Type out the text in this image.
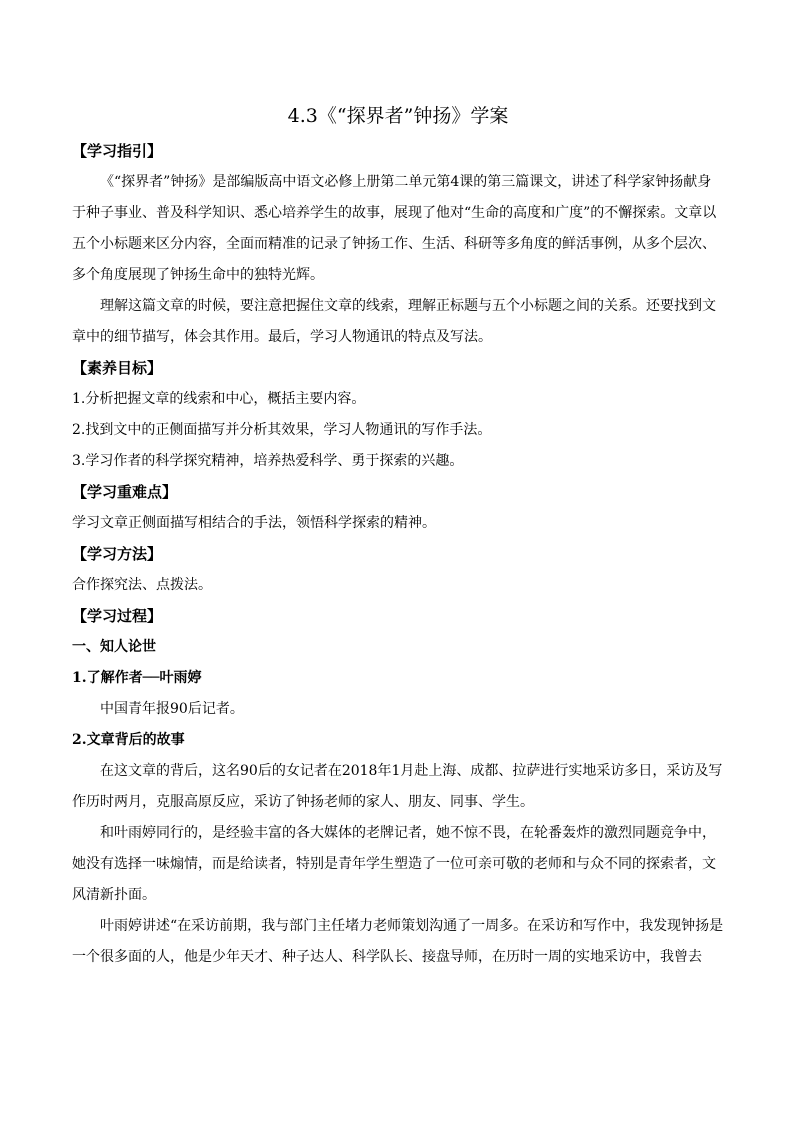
4.3《“探界者”钟扬》学案

【学习指引】

《“探界者”钟扬》是部编版高中语文必修上册第二单元第4课的第三篇课文，讲述了科学家钟扬献身于种子事业、普及科学知识、悉心培养学生的故事，展现了他对“生命的高度和广度”的不懈探索。文章以五个小标题来区分内容，全面而精准的记录了钟扬工作、生活、科研等多角度的鲜活事例，从多个层次、多个角度展现了钟扬生命中的独特光辉。

理解这篇文章的时候，要注意把握住文章的线索，理解正标题与五个小标题之间的关系。还要找到文章中的细节描写，体会其作用。最后，学习人物通讯的特点及写法。

【素养目标】

1.分析把握文章的线索和中心，概括主要内容。

2.找到文中的正侧面描写并分析其效果，学习人物通讯的写作手法。

3.学习作者的科学探究精神，培养热爱科学、勇于探索的兴趣。

【学习重难点】

学习文章正侧面描写相结合的手法，领悟科学探索的精神。

【学习方法】

合作探究法、点拨法。

【学习过程】

一、知人论世

1.了解作者──叶雨婷

中国青年报90后记者。

2.文章背后的故事

在这文章的背后，这名90后的女记者在2018年1月赴上海、成都、拉萨进行实地采访多日，采访及写作历时两月，克服高原反应，采访了钟扬老师的家人、朋友、同事、学生。

和叶雨婷同行的，是经验丰富的各大媒体的老牌记者，她不惊不畏，在轮番轰炸的激烈同题竞争中，她没有选择一味煽情，而是给读者，特别是青年学生塑造了一位可亲可敬的老师和与众不同的探索者，文风清新扑面。

叶雨婷讲述“在采访前期，我与部门主任堵力老师策划沟通了一周多。在采访和写作中，我发现钟扬是一个很多面的人，他是少年天才、种子达人、科学队长、接盘导师，在历时一周的实地采访中，我曾去
